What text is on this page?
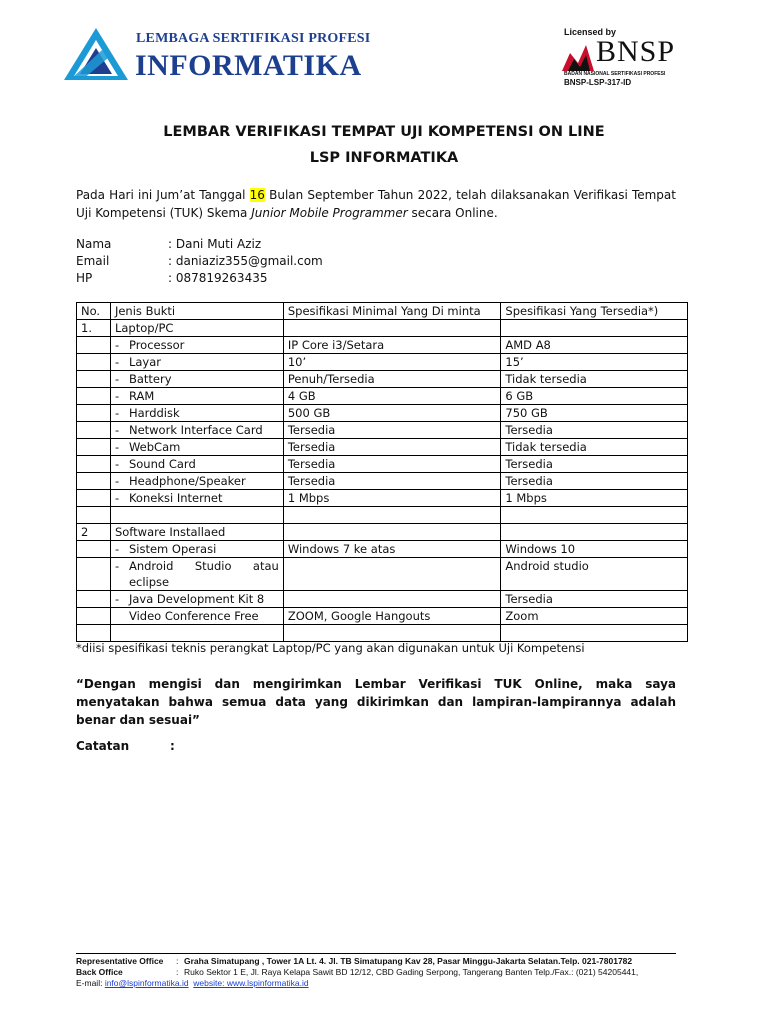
LEMBAGA SERTIFIKASI PROFESI
INFORMATIKA
Licensed by
BNSP
BADAN NASIONAL SERTIFIKASI PROFESI
BNSP-LSP-317-ID
LEMBAR VERIFIKASI TEMPAT UJI KOMPETENSI ON LINE
LSP INFORMATIKA
Pada Hari ini Jum’at Tanggal 16 Bulan September Tahun 2022, telah dilaksanakan Verifikasi Tempat Uji Kompetensi (TUK) Skema Junior Mobile Programmer secara Online.
Nama	: Dani Muti Aziz
Email	: daniaziz355@gmail.com
HP	: 087819263435
No.	Jenis Bukti	Spesifikasi Minimal Yang Di minta	Spesifikasi Yang Tersedia*)
1.	Laptop/PC		

	- Processor	IP Core i3/Setara	AMD A8

	- Layar	10’	15’

	- Battery	Penuh/Tersedia	Tidak tersedia

	- RAM	4 GB	6 GB

	- Harddisk	500 GB	750 GB

	- Network Interface Card	Tersedia	Tersedia

	- WebCam	Tersedia	Tidak tersedia

	- Sound Card	Tersedia	Tersedia

	- Headphone/Speaker	Tersedia	Tersedia

	- Koneksi Internet	1 Mbps	1 Mbps

2	Software Installaed		

	- Sistem Operasi	Windows 7 ke atas	Windows 10

	- Android Studio atau
eclipse		Android studio

	- Java Development Kit 8		Tersedia

	Video Conference Free	ZOOM, Google Hangouts	Zoom

*diisi spesifikasi teknis perangkat Laptop/PC yang akan digunakan untuk Uji Kompetensi
“Dengan mengisi dan mengirimkan Lembar Verifikasi TUK Online, maka saya menyatakan bahwa semua data yang dikirimkan dan lampiran-lampirannya adalah benar dan sesuai”
Catatan	:
Representative Office : Graha Simatupang , Tower 1A Lt. 4. Jl. TB Simatupang Kav 28, Pasar Minggu-Jakarta Selatan.Telp. 021-7801782
Back Office	: Ruko Sektor 1 E, Jl. Raya Kelapa Sawit BD 12/12, CBD Gading Serpong, Tangerang Banten Telp./Fax.: (021) 54205441,
E-mail: info@lspinformatika.id website: www.lspinformatika.id
